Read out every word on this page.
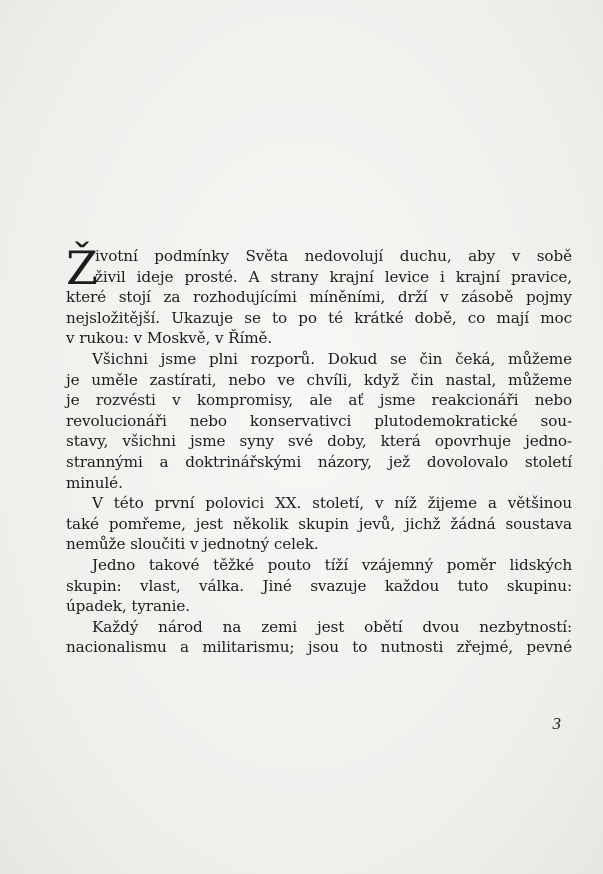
Ž
ivotní podmínky Světa nedovolují duchu, aby v sobě
živil ideje prosté. A strany krajní levice i krajní pravice,
které stojí za rozhodujícími míněními, drží v zásobě pojmy
nejsložitější. Ukazuje se to po té krátké době, co mají moc
v rukou: v Moskvě, v Římě.

Všichni jsme plni rozporů. Dokud se čin čeká, můžeme
je uměle zastírati, nebo ve chvíli, když čin nastal, můžeme
je rozvésti v kompromisy, ale ať jsme reakcionáři nebo
revolucionáři nebo konservativci plutodemokratické sou-
stavy, všichni jsme syny své doby, která opovrhuje jedno-
strannými a doktrinářskými názory, jež dovolovalo století
minulé.

V této první polovici XX. století, v níž žijeme a většinou
také pomřeme, jest několik skupin jevů, jichž žádná soustava
nemůže sloučiti v jednotný celek.

Jedno takové těžké pouto tíží vzájemný poměr lidských
skupin: vlast, válka. Jiné svazuje každou tuto skupinu:
úpadek, tyranie.

Každý národ na zemi jest obětí dvou nezbytností:
nacionalismu a militarismu; jsou to nutnosti zřejmé, pevné

3
